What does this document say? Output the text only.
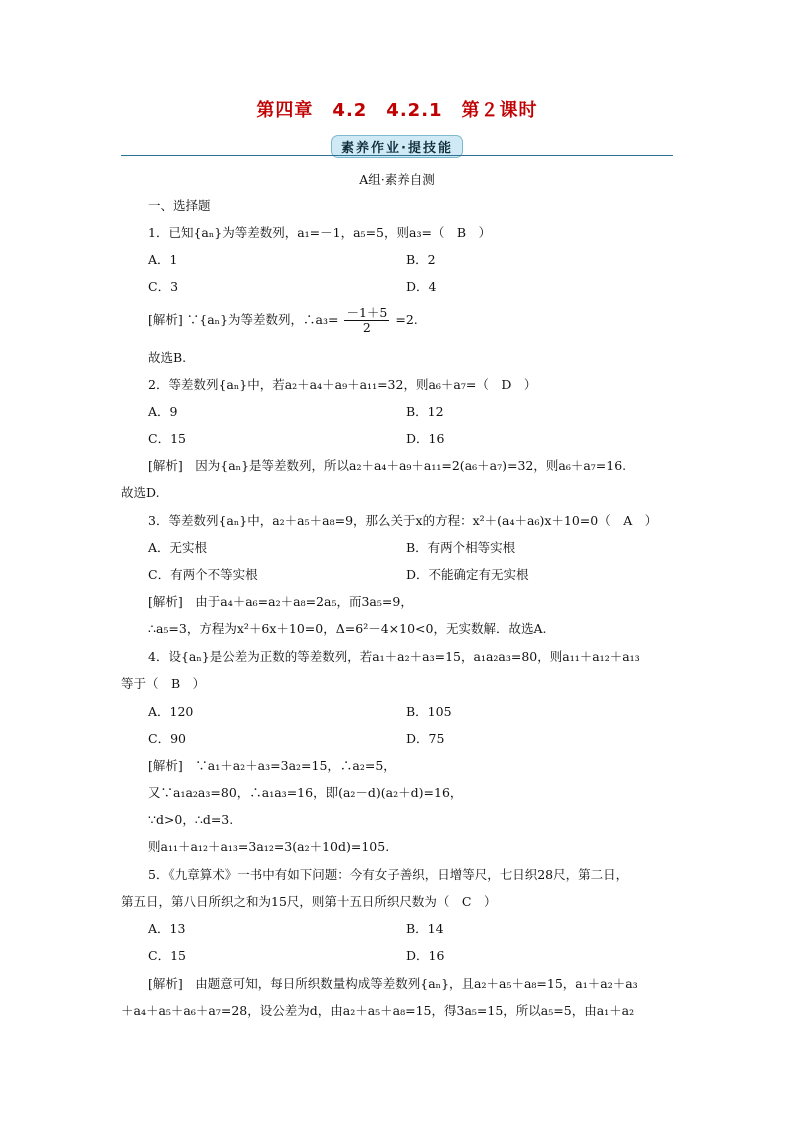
第四章　4.2　4.2.1　第２课时
素养作业·提技能
A组·素养自测
一、选择题
1．已知{aₙ}为等差数列，a₁=－1，a₅=5，则a₃=（　B　）
A．1	B．2
C．3	D．4
[解析] ∵{aₙ}为等差数列，∴a₃= $\frac{-1+5}{2} =2$.
故选B.
2．等差数列{aₙ}中，若a₂＋a₄＋a₉＋a₁₁=32，则a₆＋a₇=（　D　）
A．9	B．12
C．15	D．16
[解析]　因为{aₙ}是等差数列，所以a₂＋a₄＋a₉＋a₁₁=2(a₆＋a₇)=32，则a₆＋a₇=16.
故选D.
3．等差数列{aₙ}中，a₂＋a₅＋a₈=9，那么关于x的方程：x²＋(a₄＋a₆)x＋10=0（　A　）
A．无实根	B．有两个相等实根
C．有两个不等实根	D．不能确定有无实根
[解析]　由于a₄＋a₆=a₂＋a₈=2a₅，而3a₅=9，
∴a₅=3，方程为x²＋6x＋10=0，Δ=6²－4×10<0，无实数解．故选A.
4．设{aₙ}是公差为正数的等差数列，若a₁＋a₂＋a₃=15，a₁a₂a₃=80，则a₁₁＋a₁₂＋a₁₃
等于（　B　）
A．120	B．105
C．90	D．75
[解析]　∵a₁＋a₂＋a₃=3a₂=15，∴a₂=5，
又∵a₁a₂a₃=80，∴a₁a₃=16，即(a₂－d)(a₂＋d)=16，
∵d>0，∴d=3.
则a₁₁＋a₁₂＋a₁₃=3a₁₂=3(a₂＋10d)=105.
5．《九章算术》一书中有如下问题：今有女子善织，日增等尺，七日织28尺，第二日，
第五日，第八日所织之和为15尺，则第十五日所织尺数为（　C　）
A．13	B．14
C．15	D．16
[解析]　由题意可知，每日所织数量构成等差数列{aₙ}，且a₂＋a₅＋a₈=15，a₁＋a₂＋a₃
＋a₄＋a₅＋a₆＋a₇=28，设公差为d，由a₂＋a₅＋a₈=15，得3a₅=15，所以a₅=5，由a₁＋a₂
